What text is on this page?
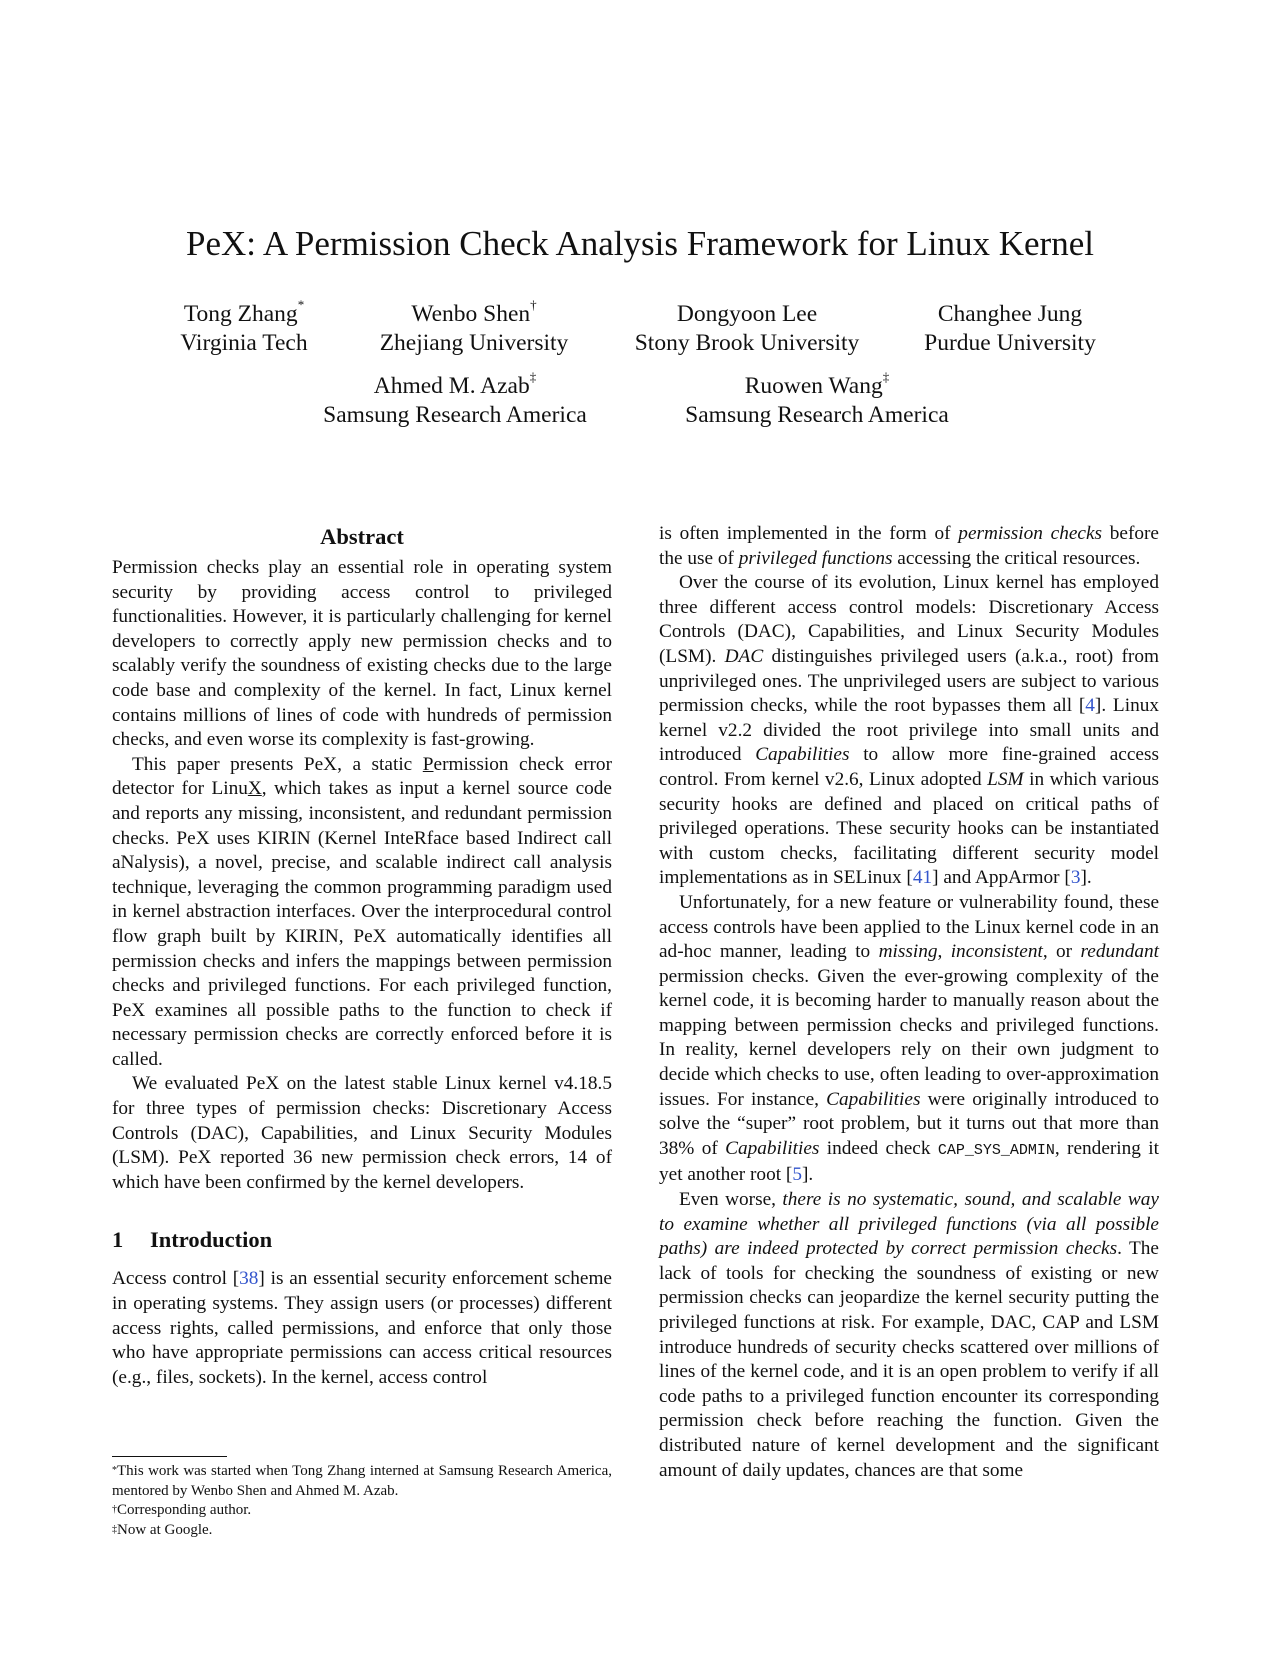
PeX: A Permission Check Analysis Framework for Linux Kernel
Tong Zhang*
Virginia Tech
Wenbo Shen†
Zhejiang University
Dongyoon Lee
Stony Brook University
Changhee Jung
Purdue University
Ahmed M. Azab‡
Samsung Research America
Ruowen Wang‡
Samsung Research America

Abstract

Permission checks play an essential role in operating system security by providing access control to privileged functionalities. However, it is particularly challenging for kernel developers to correctly apply new permission checks and to scalably verify the soundness of existing checks due to the large code base and complexity of the kernel. In fact, Linux kernel contains millions of lines of code with hundreds of permission checks, and even worse its complexity is fast-growing.

This paper presents PeX, a static Permission check error detector for LinuX, which takes as input a kernel source code and reports any missing, inconsistent, and redundant permission checks. PeX uses KIRIN (Kernel InteRface based Indirect call aNalysis), a novel, precise, and scalable indirect call analysis technique, leveraging the common programming paradigm used in kernel abstraction interfaces. Over the interprocedural control flow graph built by KIRIN, PeX automatically identifies all permission checks and infers the mappings between permission checks and privileged functions. For each privileged function, PeX examines all possible paths to the function to check if necessary permission checks are correctly enforced before it is called.

We evaluated PeX on the latest stable Linux kernel v4.18.5 for three types of permission checks: Discretionary Access Controls (DAC), Capabilities, and Linux Security Modules (LSM). PeX reported 36 new permission check errors, 14 of which have been confirmed by the kernel developers.

1 Introduction

Access control [38] is an essential security enforcement scheme in operating systems. They assign users (or processes) different access rights, called permissions, and enforce that only those who have appropriate permissions can access critical resources (e.g., files, sockets). In the kernel, access control

*This work was started when Tong Zhang interned at Samsung Research America, mentored by Wenbo Shen and Ahmed M. Azab.
†Corresponding author.
‡Now at Google.

is often implemented in the form of permission checks before the use of privileged functions accessing the critical resources.

Over the course of its evolution, Linux kernel has employed three different access control models: Discretionary Access Controls (DAC), Capabilities, and Linux Security Modules (LSM). DAC distinguishes privileged users (a.k.a., root) from unprivileged ones. The unprivileged users are subject to various permission checks, while the root bypasses them all [4]. Linux kernel v2.2 divided the root privilege into small units and introduced Capabilities to allow more fine-grained access control. From kernel v2.6, Linux adopted LSM in which various security hooks are defined and placed on critical paths of privileged operations. These security hooks can be instantiated with custom checks, facilitating different security model implementations as in SELinux [41] and AppArmor [3].

Unfortunately, for a new feature or vulnerability found, these access controls have been applied to the Linux kernel code in an ad-hoc manner, leading to missing, inconsistent, or redundant permission checks. Given the ever-growing complexity of the kernel code, it is becoming harder to manually reason about the mapping between permission checks and privileged functions. In reality, kernel developers rely on their own judgment to decide which checks to use, often leading to over-approximation issues. For instance, Capabilities were originally introduced to solve the “super” root problem, but it turns out that more than 38% of Capabilities indeed check CAP_SYS_ADMIN, rendering it yet another root [5].

Even worse, there is no systematic, sound, and scalable way to examine whether all privileged functions (via all possible paths) are indeed protected by correct permission checks. The lack of tools for checking the soundness of existing or new permission checks can jeopardize the kernel security putting the privileged functions at risk. For example, DAC, CAP and LSM introduce hundreds of security checks scattered over millions of lines of the kernel code, and it is an open problem to verify if all code paths to a privileged function encounter its corresponding permission check before reaching the function. Given the distributed nature of kernel development and the significant amount of daily updates, chances are that some
